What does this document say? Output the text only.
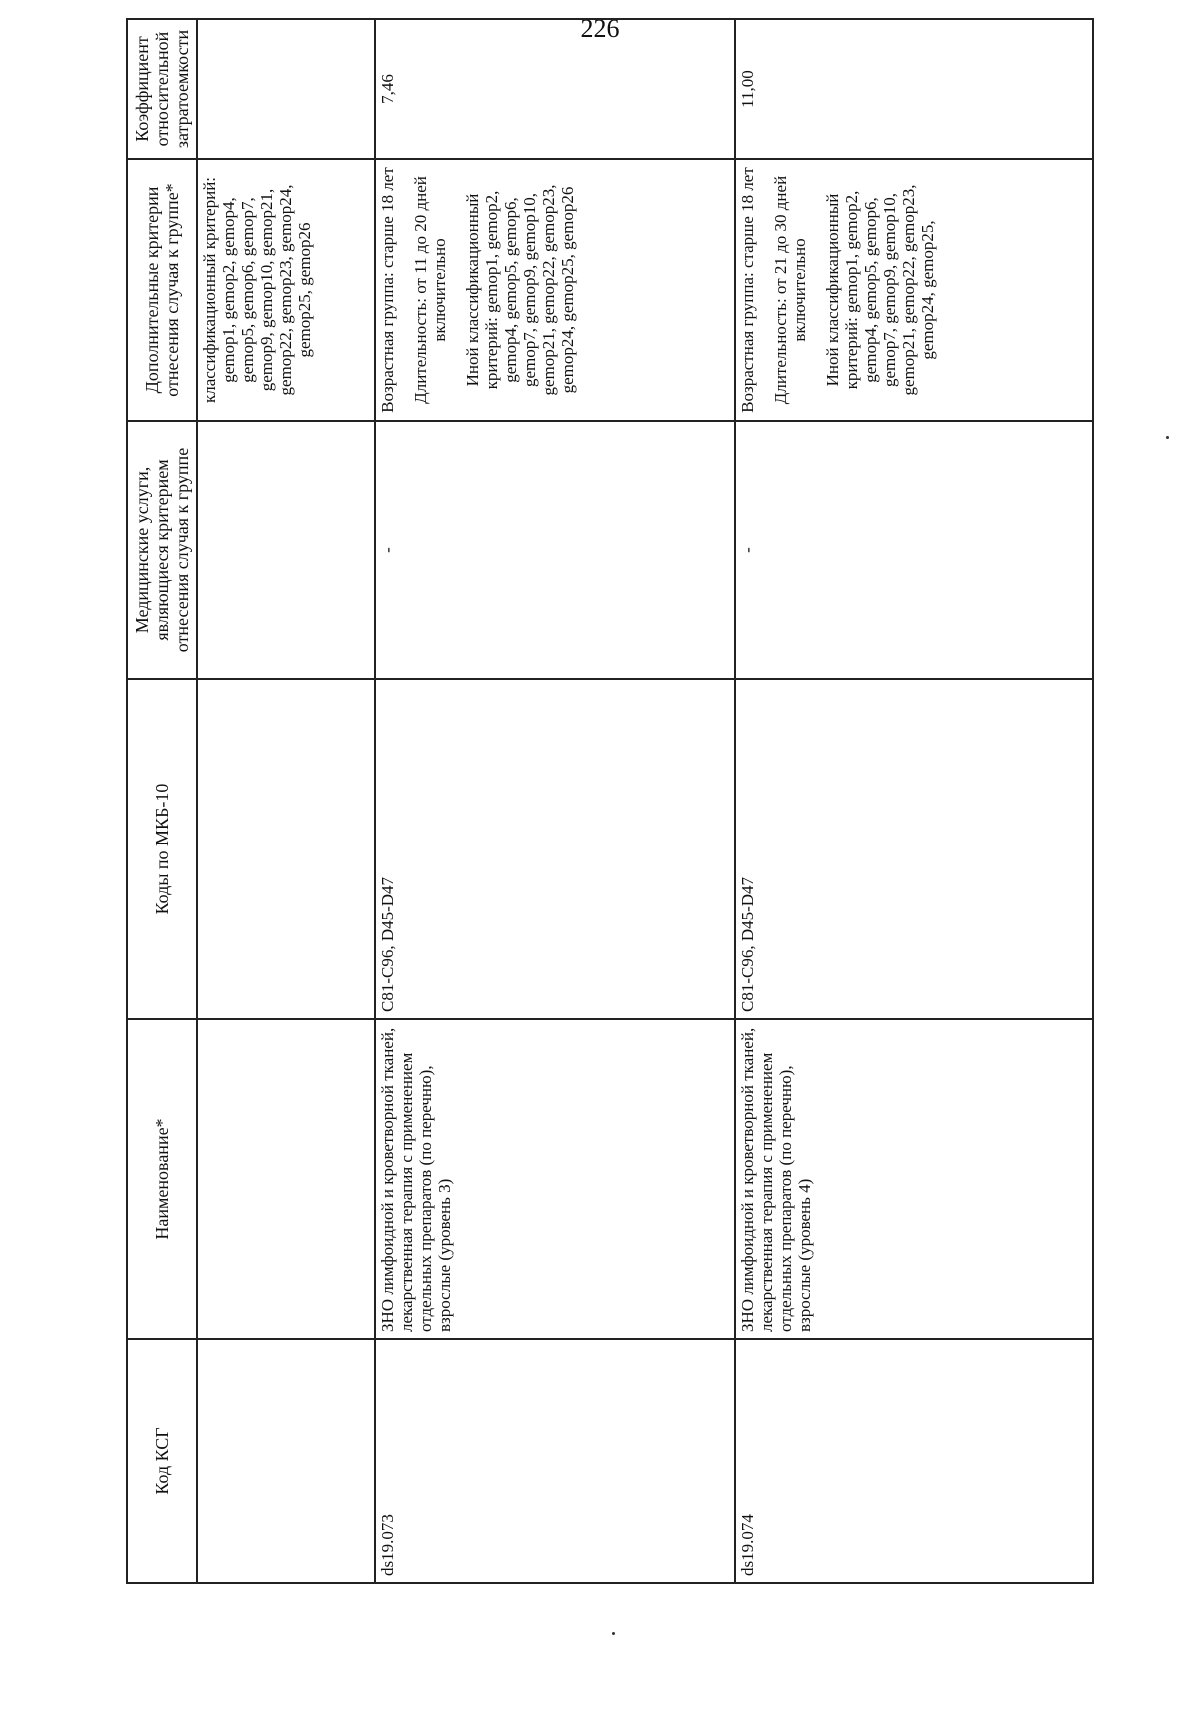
226
Код КСГ	Наименование*	Коды по МКБ-10	Медицинские услуги, являющиеся критерием отнесения случая к группе	Дополнительные критерии отнесения случая к группе*	Коэффициент относительной затратоемкости
				классификационный критерий: gemop1, gemop2, gemop4, gemop5, gemop6, gemop7, gemop9, gemop10, gemop21, gemop22, gemop23, gemop24, gemop25, gemop26	
ds19.073	ЗНО лимфоидной и кроветворной тканей, лекарственная терапия с применением отдельных препаратов (по перечню), взрослые (уровень 3)	C81-C96, D45-D47	-	Возрастная группа: старше 18 лет Длительность: от 11 до 20 дней включительно Иной классификационный критерий: gemop1, gemop2, gemop4, gemop5, gemop6, gemop7, gemop9, gemop10, gemop21, gemop22, gemop23, gemop24, gemop25, gemop26	7,46
ds19.074	ЗНО лимфоидной и кроветворной тканей, лекарственная терапия с применением отдельных препаратов (по перечню), взрослые (уровень 4)	C81-C96, D45-D47	-	Возрастная группа: старше 18 лет Длительность: от 21 до 30 дней включительно Иной классификационный критерий: gemop1, gemop2, gemop4, gemop5, gemop6, gemop7, gemop9, gemop10, gemop21, gemop22, gemop23, gemop24, gemop25,	11,00
